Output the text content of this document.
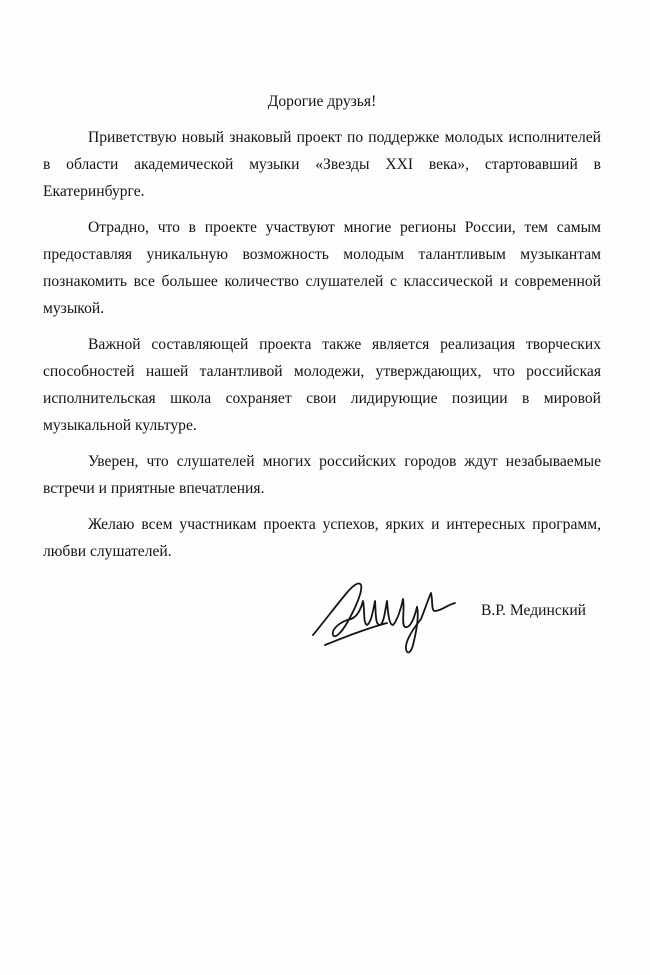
Дорогие друзья!

Приветствую новый знаковый проект по поддержке молодых исполнителей в области академической музыки «Звезды XXI века», стартовавший в Екатеринбурге.

Отрадно, что в проекте участвуют многие регионы России, тем самым предоставляя уникальную возможность молодым талантливым музыкантам познакомить все большее количество слушателей с классической и современной музыкой.

Важной составляющей проекта также является реализация творческих способностей нашей талантливой молодежи, утверждающих, что российская исполнительская школа сохраняет свои лидирующие позиции в мировой музыкальной культуре.

Уверен, что слушателей многих российских городов ждут незабываемые встречи и приятные впечатления.

Желаю всем участникам проекта успехов, ярких и интересных программ, любви слушателей.

В.Р. Мединский
